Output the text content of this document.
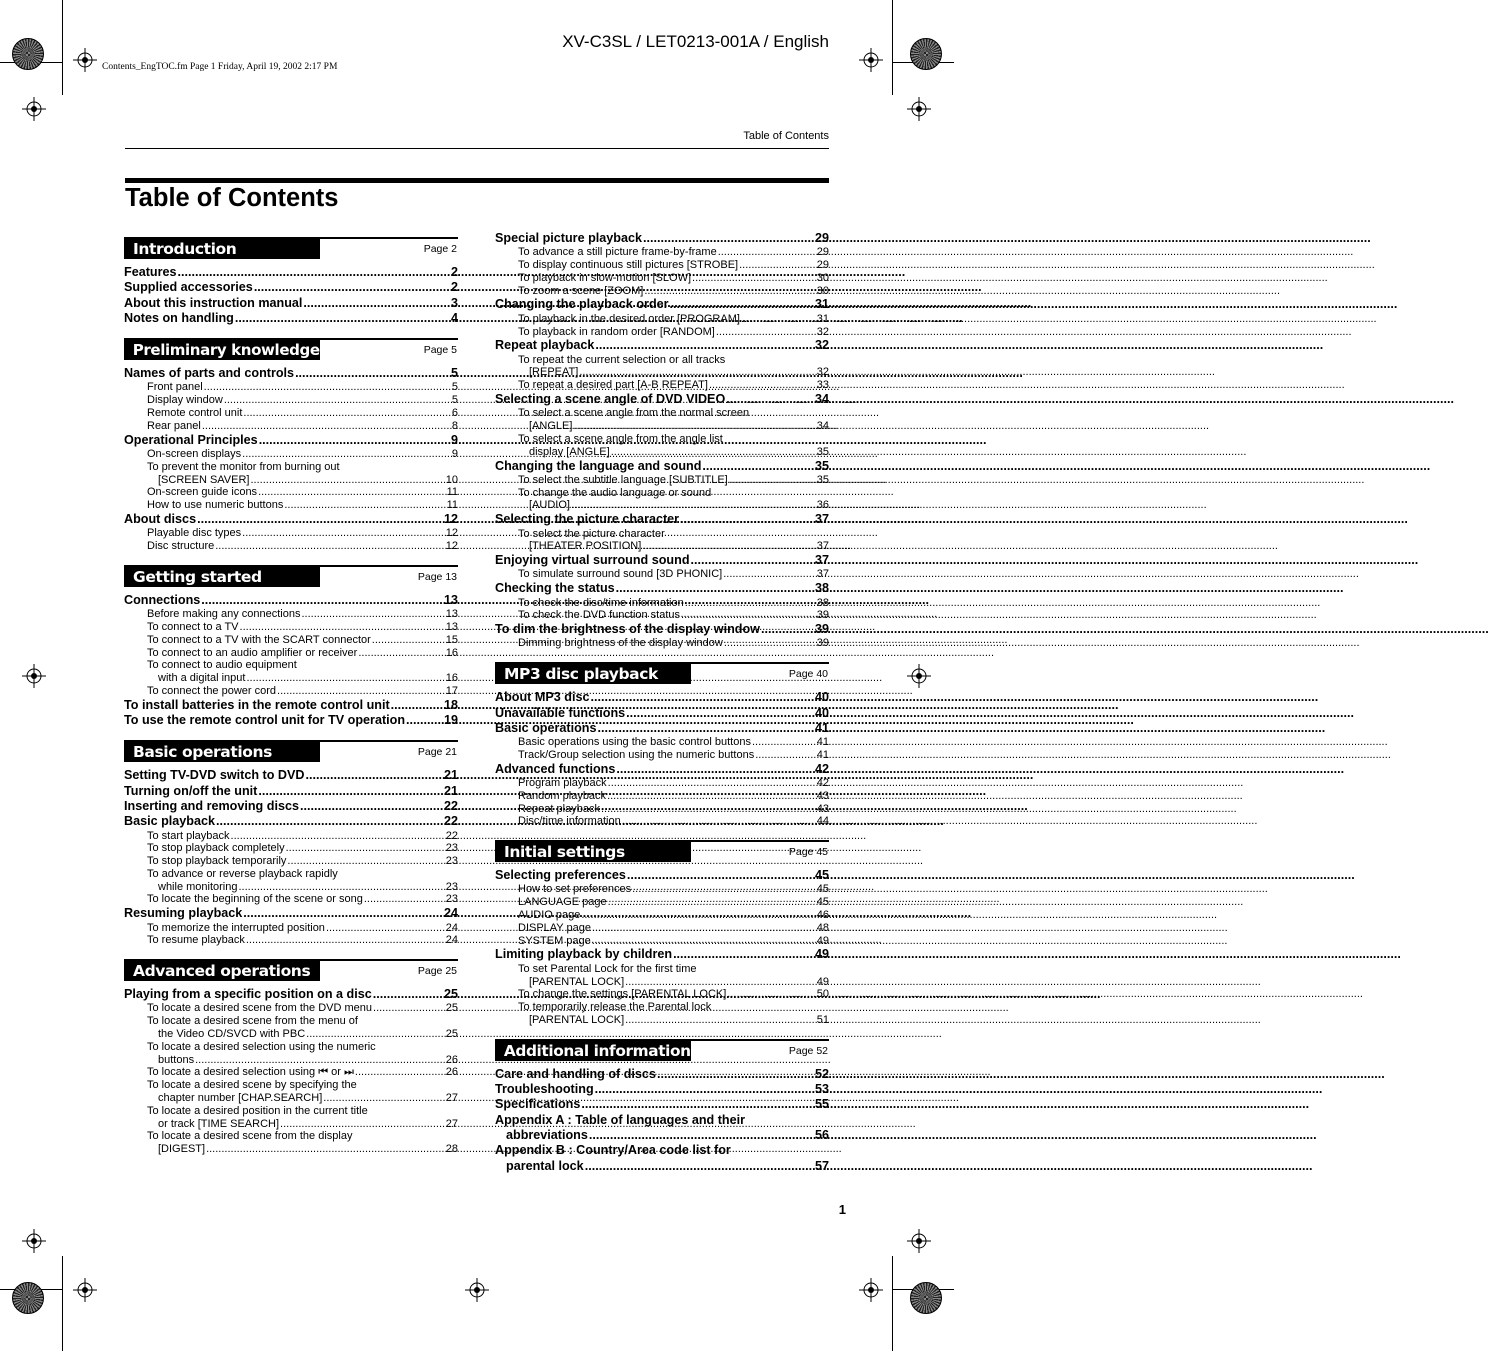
Contents_EngTOC.fm Page 1 Friday, April 19, 2002 2:17 PM
XV-C3SL / LET0213-001A / English
Table of Contents
Table of Contents
Introduction	Page 2
Features .....	2
Supplied accessories .....	2
About this instruction manual .....	3
Notes on handling .....	4
Preliminary knowledge	Page 5
Names of parts and controls .....	5
Front panel .....	5
Display window .....	5
Remote control unit .....	6
Rear panel .....	8
Operational Principles .....	9
On-screen displays .....	9
To prevent the monitor from burning out
[SCREEN SAVER] .....	10
On-screen guide icons .....	11
How to use numeric buttons .....	11
About discs .....	12
Playable disc types .....	12
Disc structure .....	12
Getting started	Page 13
Connections .....	13
Before making any connections .....	13
To connect to a TV .....	13
To connect to a TV with the SCART connector .....	15
To connect to an audio amplifier or receiver .....	16
To connect to audio equipment
with a digital input .....	16
To connect the power cord .....	17
To install batteries in the remote control unit .....	18
To use the remote control unit for TV operation .....	19
Basic operations	Page 21
Setting TV-DVD switch to DVD .....	21
Turning on/off the unit .....	21
Inserting and removing discs .....	22
Basic playback .....	22
To start playback .....	22
To stop playback completely .....	23
To stop playback temporarily .....	23
To advance or reverse playback rapidly
while monitoring .....	23
To locate the beginning of the scene or song .....	23
Resuming playback .....	24
To memorize the interrupted position .....	24
To resume playback .....	24
Advanced operations	Page 25
Playing from a specific position on a disc .....	25
To locate a desired scene from the DVD menu .....	25
To locate a desired scene from the menu of
the Video CD/SVCD with PBC .....	25
To locate a desired selection using the numeric
buttons .....	26
To locate a desired selection using ⏮ or ⏭ .....	26
To locate a desired scene by specifying the
chapter number [CHAP.SEARCH] .....	27
To locate a desired position in the current title
or track [TIME SEARCH] .....	27
To locate a desired scene from the display
[DIGEST] .....	28
Special picture playback .....	29
To advance a still picture frame-by-frame .....	29
To display continuous still pictures [STROBE] .....	29
To playback in slow-motion [SLOW] .....	30
To zoom a scene [ZOOM] .....	30
Changing the playback order .....	31
To playback in the desired order [PROGRAM] .....	31
To playback in random order [RANDOM] .....	32
Repeat playback .....	32
To repeat the current selection or all tracks
[REPEAT] .....	32
To repeat a desired part [A-B REPEAT] .....	33
Selecting a scene angle of DVD VIDEO .....	34
To select a scene angle from the normal screen
[ANGLE] .....	34
To select a scene angle from the angle list
display [ANGLE] .....	35
Changing the language and sound .....	35
To select the subtitle language [SUBTITLE] .....	35
To change the audio language or sound
[AUDIO] .....	36
Selecting the picture character .....	37
To select the picture character
[THEATER POSITION] .....	37
Enjoying virtual surround sound .....	37
To simulate surround sound [3D PHONIC] .....	37
Checking the status .....	38
To check the disc/time information .....	38
To check the DVD function status .....	39
To dim the brightness of the display window .....	39
Dimming brightness of the display window .....	39
MP3 disc playback	Page 40
About MP3 disc .....	40
Unavailable functions .....	40
Basic operations .....	41
Basic operations using the basic control buttons .....	41
Track/Group selection using the numeric buttons .....	41
Advanced functions .....	42
Program playback .....	42
Random playback .....	43
Repeat playback .....	43
Disc/time information .....	44
Initial settings	Page 45
Selecting preferences .....	45
How to set preferences .....	45
LANGUAGE page .....	45
AUDIO page .....	46
DISPLAY page .....	48
SYSTEM page .....	49
Limiting playback by children .....	49
To set Parental Lock for the first time
[PARENTAL LOCK] .....	49
To change the settings [PARENTAL LOCK] .....	50
To temporarily release the Parental lock
[PARENTAL LOCK] .....	51
Additional information	Page 52
Care and handling of discs .....	52
Troubleshooting .....	53
Specifications .....	55
Appendix A : Table of languages and their
abbreviations .....	56
Appendix B : Country/Area code list for
parental lock .....	57
1
